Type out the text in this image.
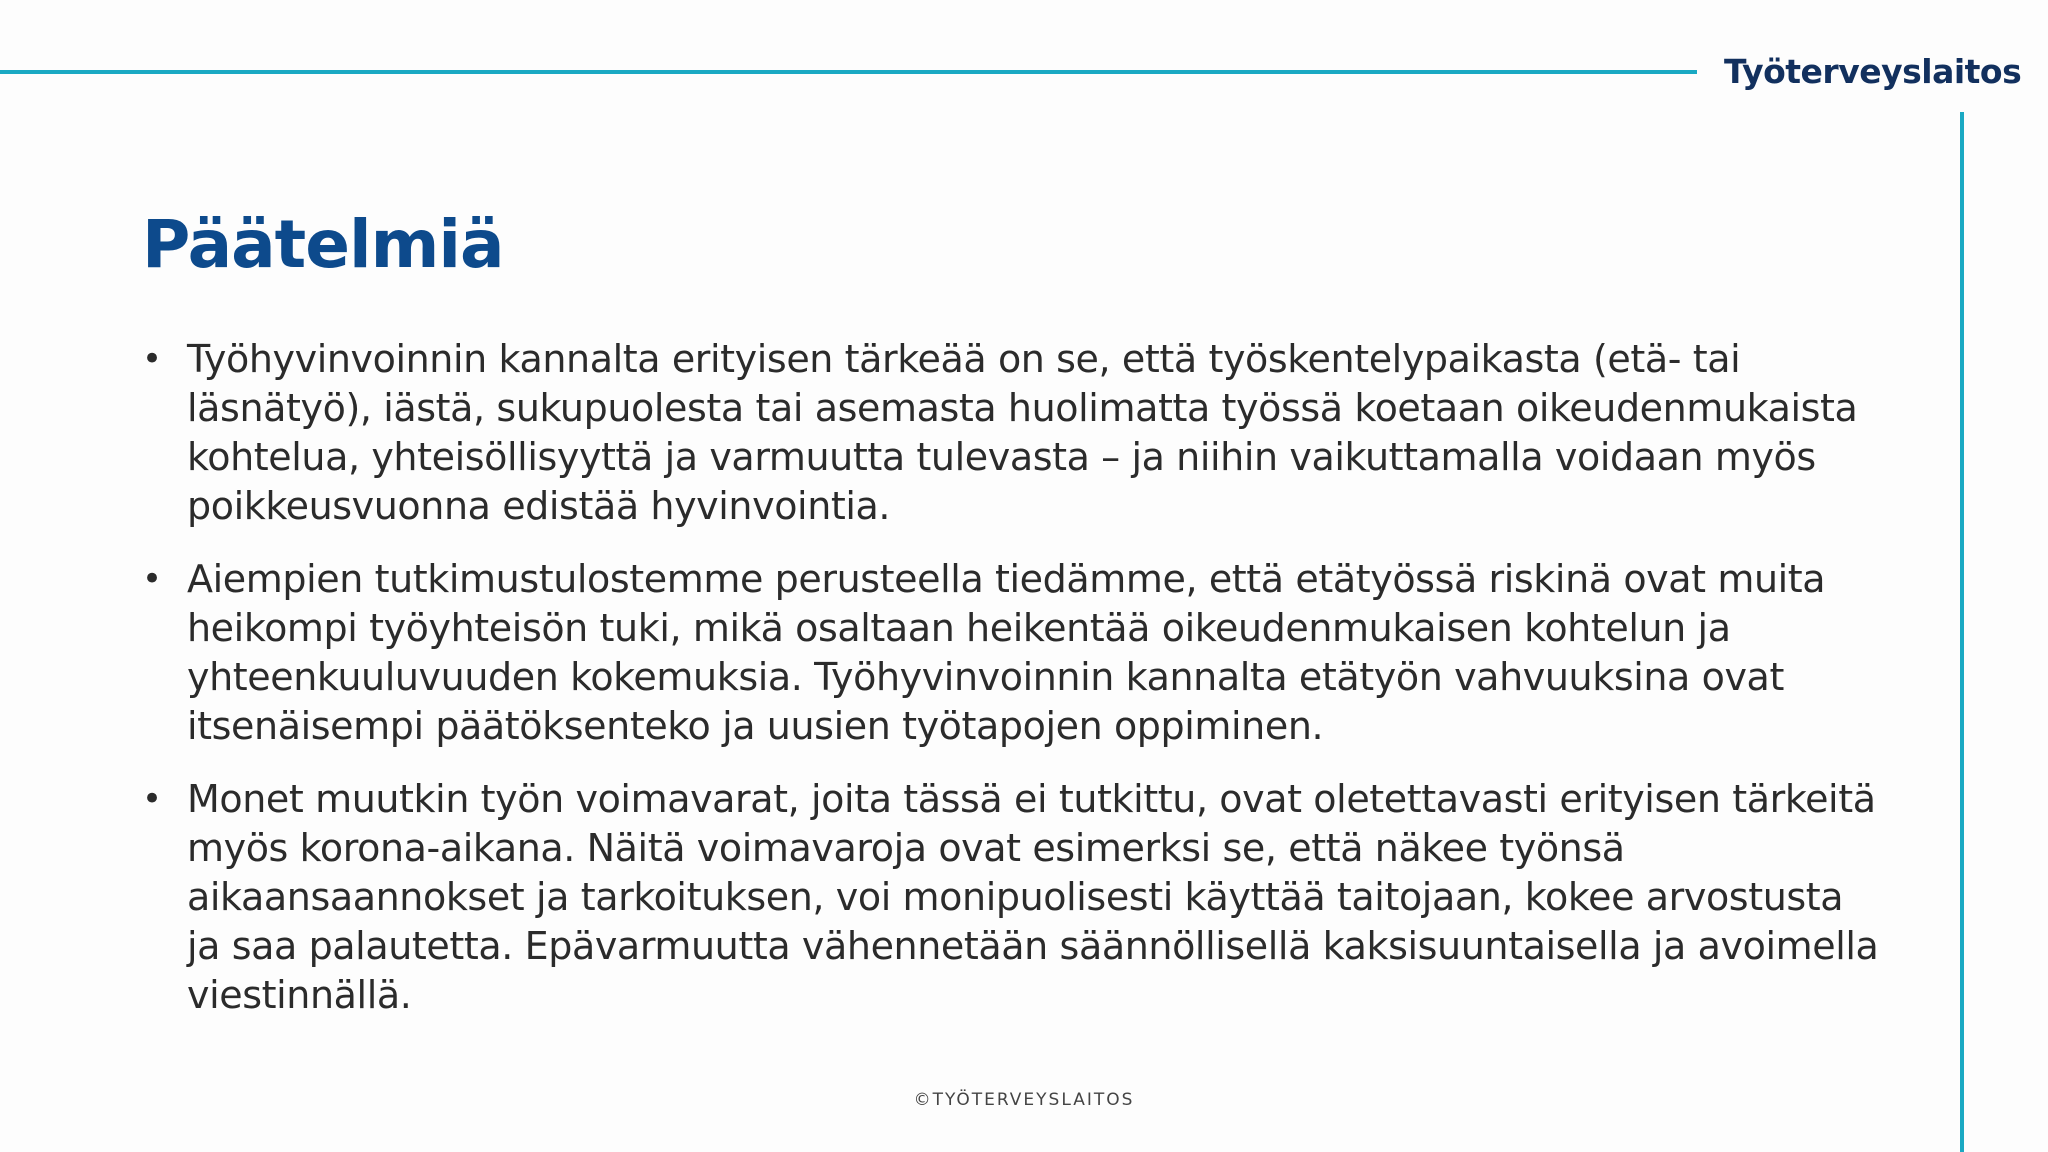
Työterveyslaitos
Päätelmiä
• Työhyvinvoinnin kannalta erityisen tärkeää on se, että työskentelypaikasta (etä- tai läsnätyö), iästä, sukupuolesta tai asemasta huolimatta työssä koetaan oikeudenmukaista kohtelua, yhteisöllisyyttä ja varmuutta tulevasta – ja niihin vaikuttamalla voidaan myös poikkeusvuonna edistää hyvinvointia.
• Aiempien tutkimustulostemme perusteella tiedämme, että etätyössä riskinä ovat muita heikompi työyhteisön tuki, mikä osaltaan heikentää oikeudenmukaisen kohtelun ja yhteenkuuluvuuden kokemuksia. Työhyvinvoinnin kannalta etätyön vahvuuksina ovat itsenäisempi päätöksenteko ja uusien työtapojen oppiminen.
• Monet muutkin työn voimavarat, joita tässä ei tutkittu, ovat oletettavasti erityisen tärkeitä myös korona-aikana. Näitä voimavaroja ovat esimerksi se, että näkee työnsä aikaansaannokset ja tarkoituksen, voi monipuolisesti käyttää taitojaan, kokee arvostusta ja saa palautetta. Epävarmuutta vähennetään säännöllisellä kaksisuuntaisella ja avoimella viestinnällä.
©TYÖTERVEYSLAITOS
